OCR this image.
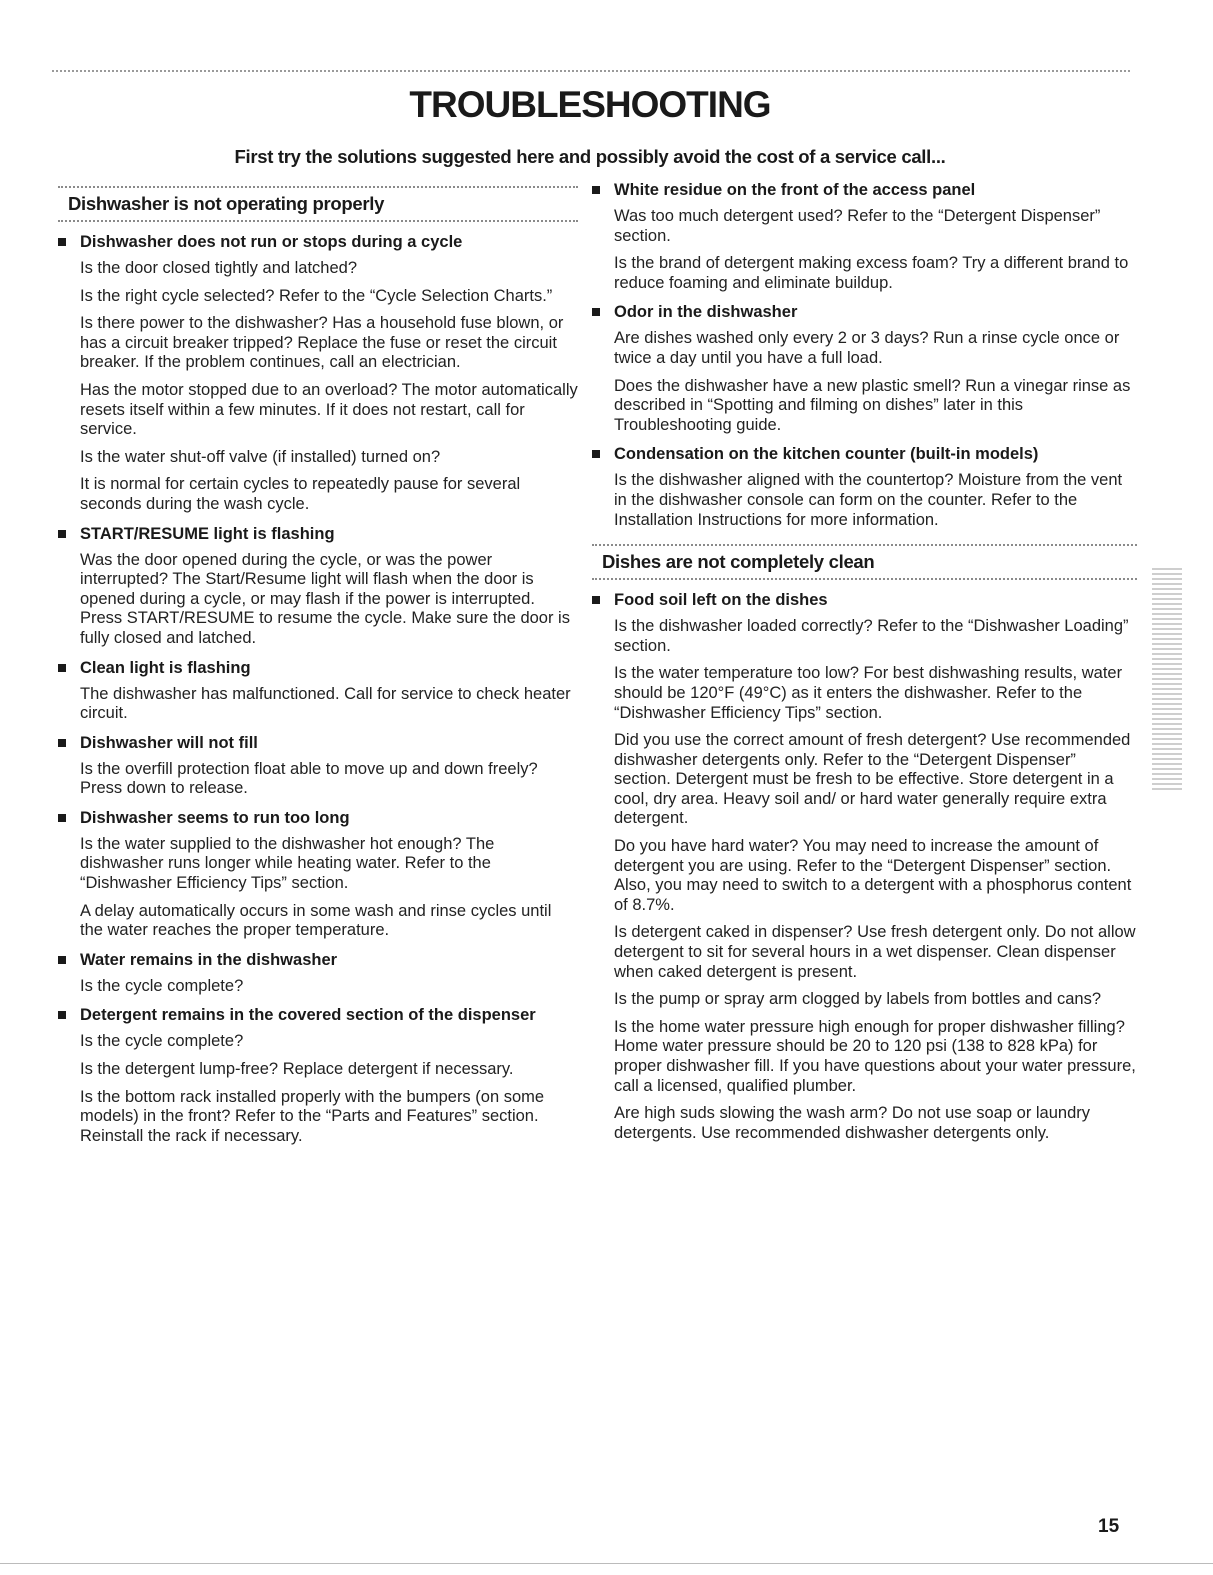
TROUBLESHOOTING

First try the solutions suggested here and possibly avoid the cost of a service call...

Dishwasher is not operating properly
Dishwasher does not run or stops during a cycle

Is the door closed tightly and latched?

Is the right cycle selected? Refer to the “Cycle Selection Charts.”

Is there power to the dishwasher? Has a household fuse blown, or has a circuit breaker tripped? Replace the fuse or reset the circuit breaker. If the problem continues, call an electrician.

Has the motor stopped due to an overload? The motor automatically resets itself within a few minutes. If it does not restart, call for service.

Is the water shut-off valve (if installed) turned on?

It is normal for certain cycles to repeatedly pause for several seconds during the wash cycle.

START/RESUME light is flashing

Was the door opened during the cycle, or was the power interrupted? The Start/Resume light will flash when the door is opened during a cycle, or may flash if the power is interrupted. Press START/RESUME to resume the cycle. Make sure the door is fully closed and latched.

Clean light is flashing

The dishwasher has malfunctioned. Call for service to check heater circuit.

Dishwasher will not fill

Is the overfill protection float able to move up and down freely? Press down to release.

Dishwasher seems to run too long

Is the water supplied to the dishwasher hot enough? The dishwasher runs longer while heating water. Refer to the “Dishwasher Efficiency Tips” section.

A delay automatically occurs in some wash and rinse cycles until the water reaches the proper temperature.

Water remains in the dishwasher

Is the cycle complete?

Detergent remains in the covered section of the dispenser

Is the cycle complete?

Is the detergent lump-free? Replace detergent if necessary.

Is the bottom rack installed properly with the bumpers (on some models) in the front? Refer to the “Parts and Features” section. Reinstall the rack if necessary.

White residue on the front of the access panel

Was too much detergent used? Refer to the “Detergent Dispenser” section.

Is the brand of detergent making excess foam? Try a different brand to reduce foaming and eliminate buildup.

Odor in the dishwasher

Are dishes washed only every 2 or 3 days? Run a rinse cycle once or twice a day until you have a full load.

Does the dishwasher have a new plastic smell? Run a vinegar rinse as described in “Spotting and filming on dishes” later in this Troubleshooting guide.

Condensation on the kitchen counter (built-in models)

Is the dishwasher aligned with the countertop? Moisture from the vent in the dishwasher console can form on the counter. Refer to the Installation Instructions for more information.

Dishes are not completely clean
Food soil left on the dishes

Is the dishwasher loaded correctly? Refer to the “Dishwasher Loading” section.

Is the water temperature too low? For best dishwashing results, water should be 120°F (49°C) as it enters the dishwasher. Refer to the “Dishwasher Efficiency Tips” section.

Did you use the correct amount of fresh detergent? Use recommended dishwasher detergents only. Refer to the “Detergent Dispenser” section. Detergent must be fresh to be effective. Store detergent in a cool, dry area. Heavy soil and/ or hard water generally require extra detergent.

Do you have hard water? You may need to increase the amount of detergent you are using. Refer to the “Detergent Dispenser” section. Also, you may need to switch to a detergent with a phosphorus content of 8.7%.

Is detergent caked in dispenser? Use fresh detergent only. Do not allow detergent to sit for several hours in a wet dispenser. Clean dispenser when caked detergent is present.

Is the pump or spray arm clogged by labels from bottles and cans?

Is the home water pressure high enough for proper dishwasher filling? Home water pressure should be 20 to 120 psi (138 to 828 kPa) for proper dishwasher fill. If you have questions about your water pressure, call a licensed, qualified plumber.

Are high suds slowing the wash arm? Do not use soap or laundry detergents. Use recommended dishwasher detergents only.

15
